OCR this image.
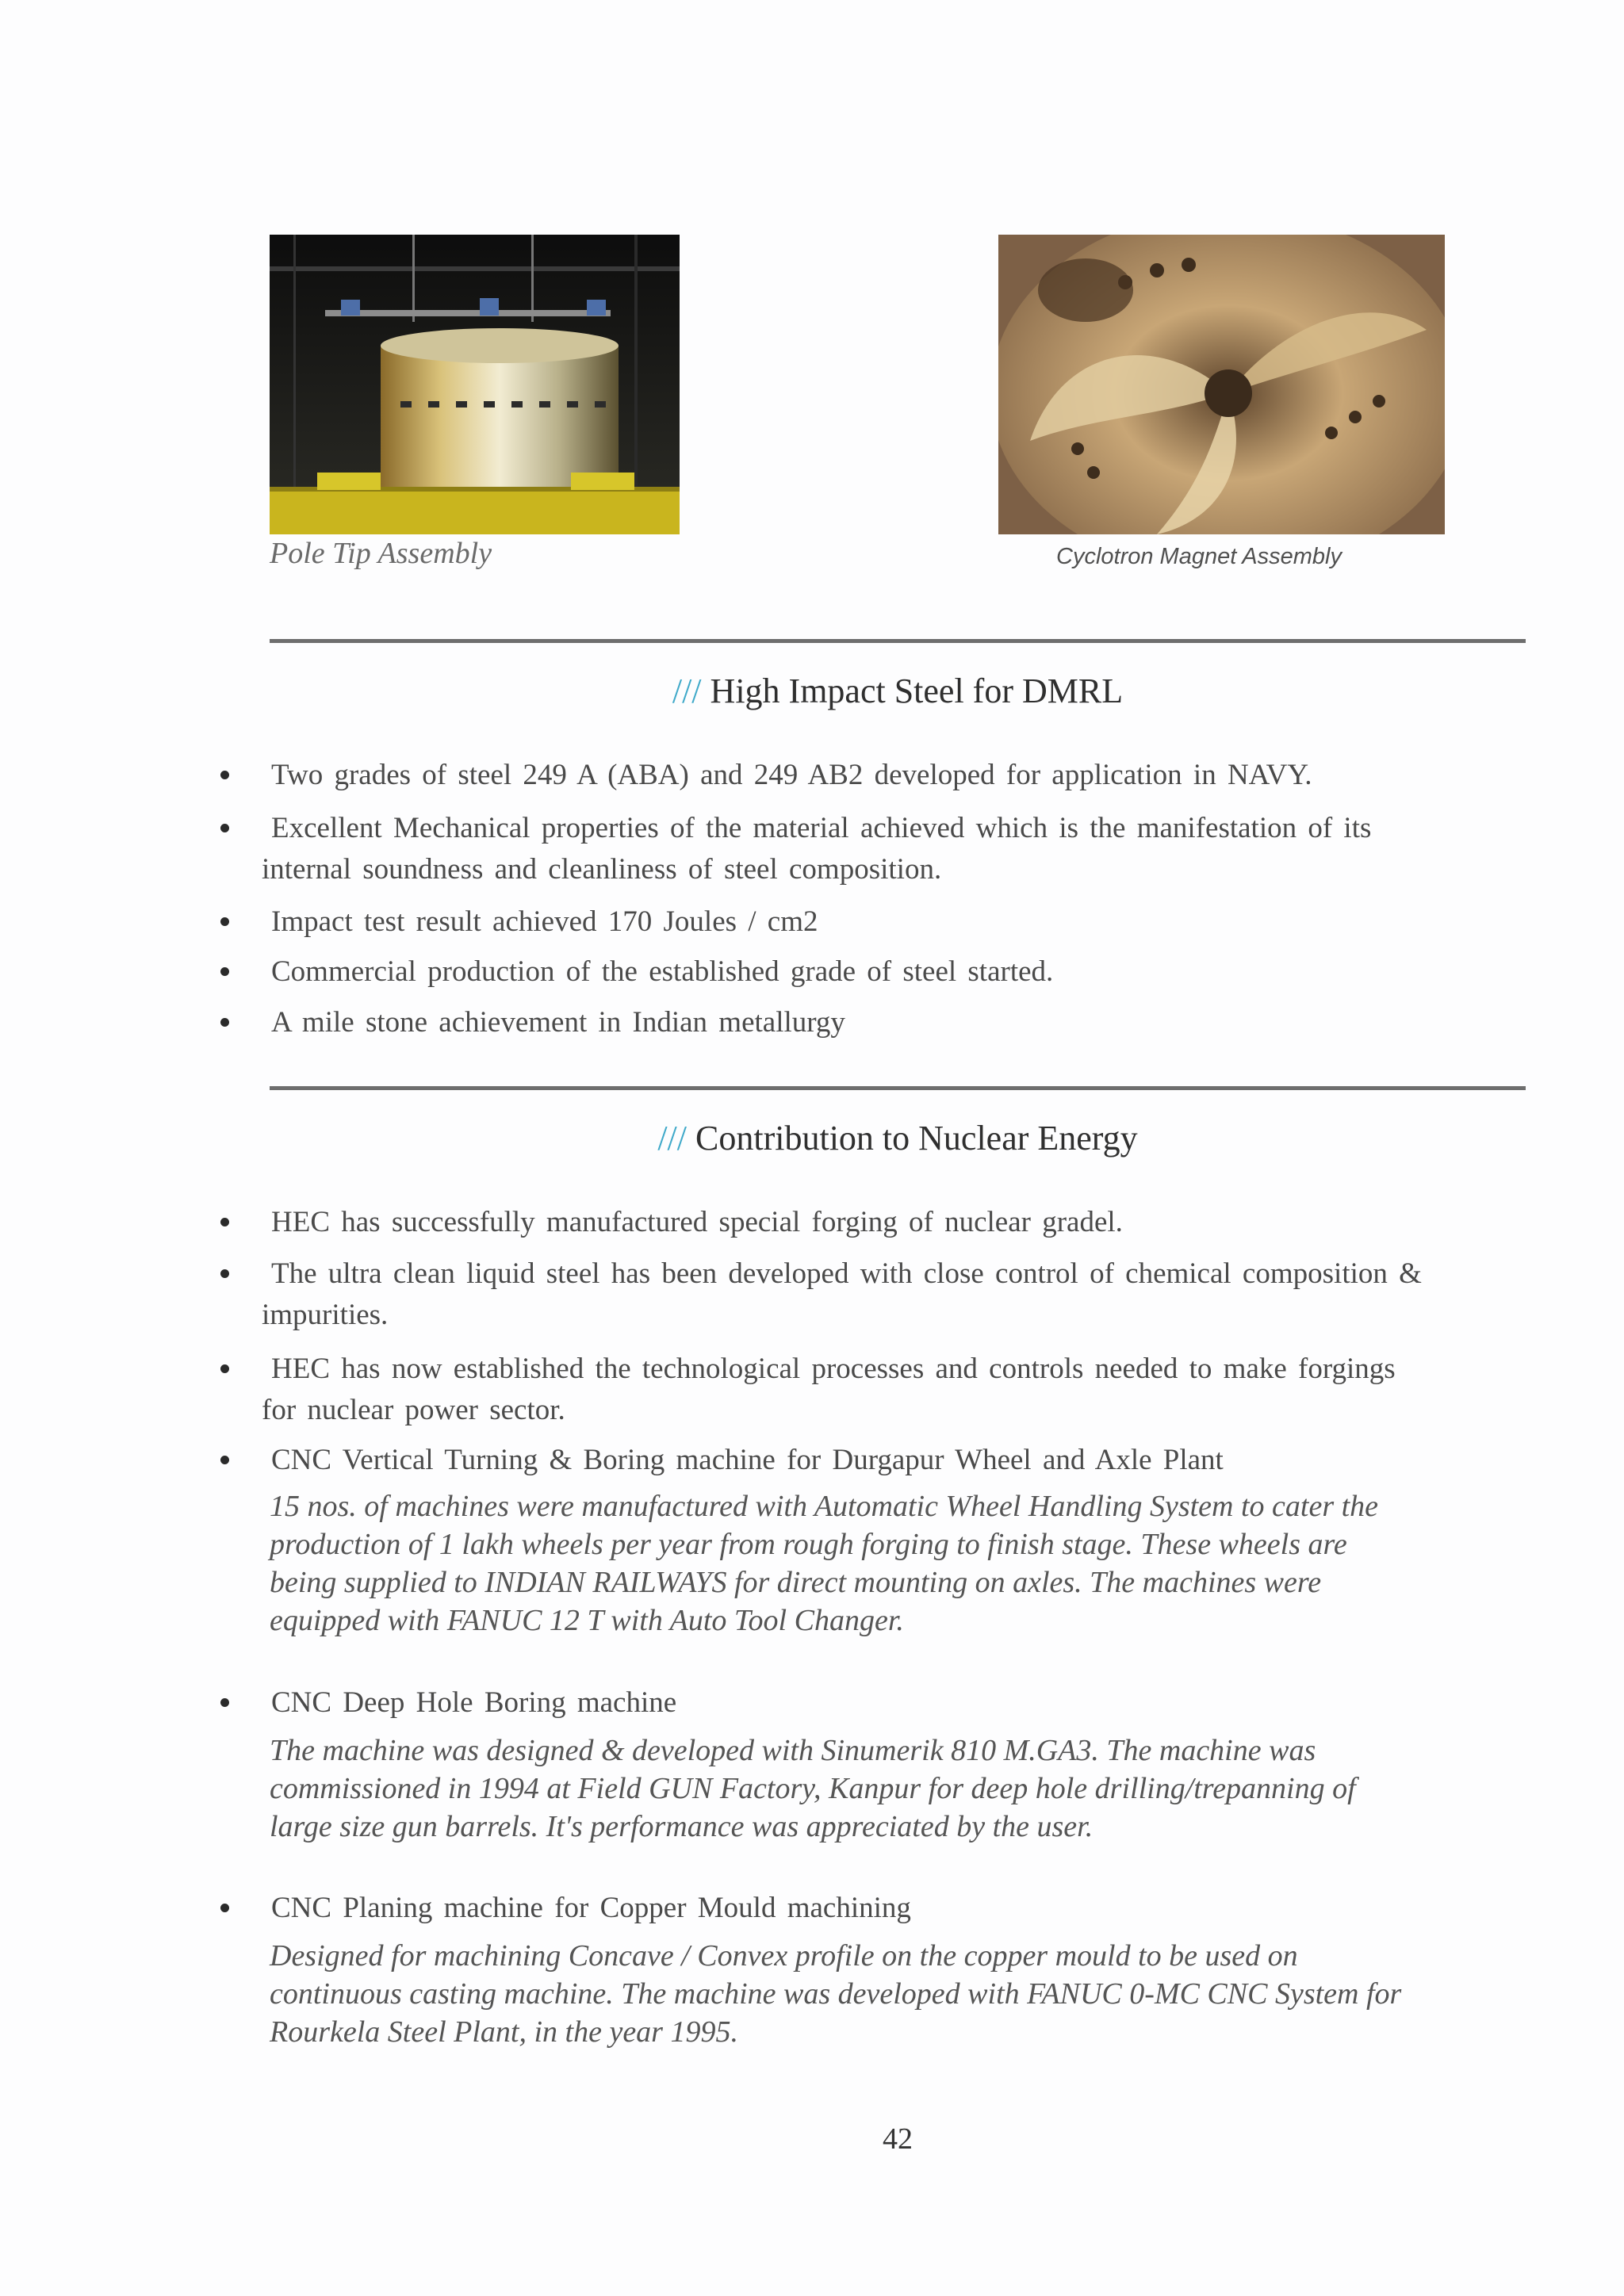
Pole Tip Assembly	Cyclotron Magnet Assembly
/// High Impact Steel for DMRL
Two grades of steel 249 A (ABA) and 249 AB2 developed for application in NAVY.
Excellent Mechanical properties of the material achieved which is the manifestation of its
internal soundness and cleanliness of steel composition.
Impact test result achieved 170 Joules / cm2
Commercial production of the established grade of steel started.
A mile stone achievement in Indian metallurgy
/// Contribution to Nuclear Energy
HEC has successfully manufactured special forging of nuclear gradel.
The ultra clean liquid steel has been developed with close control of chemical composition &
impurities.
HEC has now established the technological processes and controls needed to make forgings
for nuclear power sector.
CNC Vertical Turning & Boring machine for Durgapur Wheel and Axle Plant
15 nos. of machines were manufactured with Automatic Wheel Handling System to cater the
production of 1 lakh wheels per year from rough forging to finish stage. These wheels are
being supplied to INDIAN RAILWAYS for direct mounting on axles. The machines were
equipped with FANUC 12 T with Auto Tool Changer.
CNC Deep Hole Boring machine
The machine was designed & developed with Sinumerik 810 M.GA3. The machine was
commissioned in 1994 at Field GUN Factory, Kanpur for deep hole drilling/trepanning of
large size gun barrels. It's performance was appreciated by the user.
CNC Planing machine for Copper Mould machining
Designed for machining Concave / Convex profile on the copper mould to be used on
continuous casting machine. The machine was developed with FANUC 0-MC CNC System for
Rourkela Steel Plant, in the year 1995.
42
